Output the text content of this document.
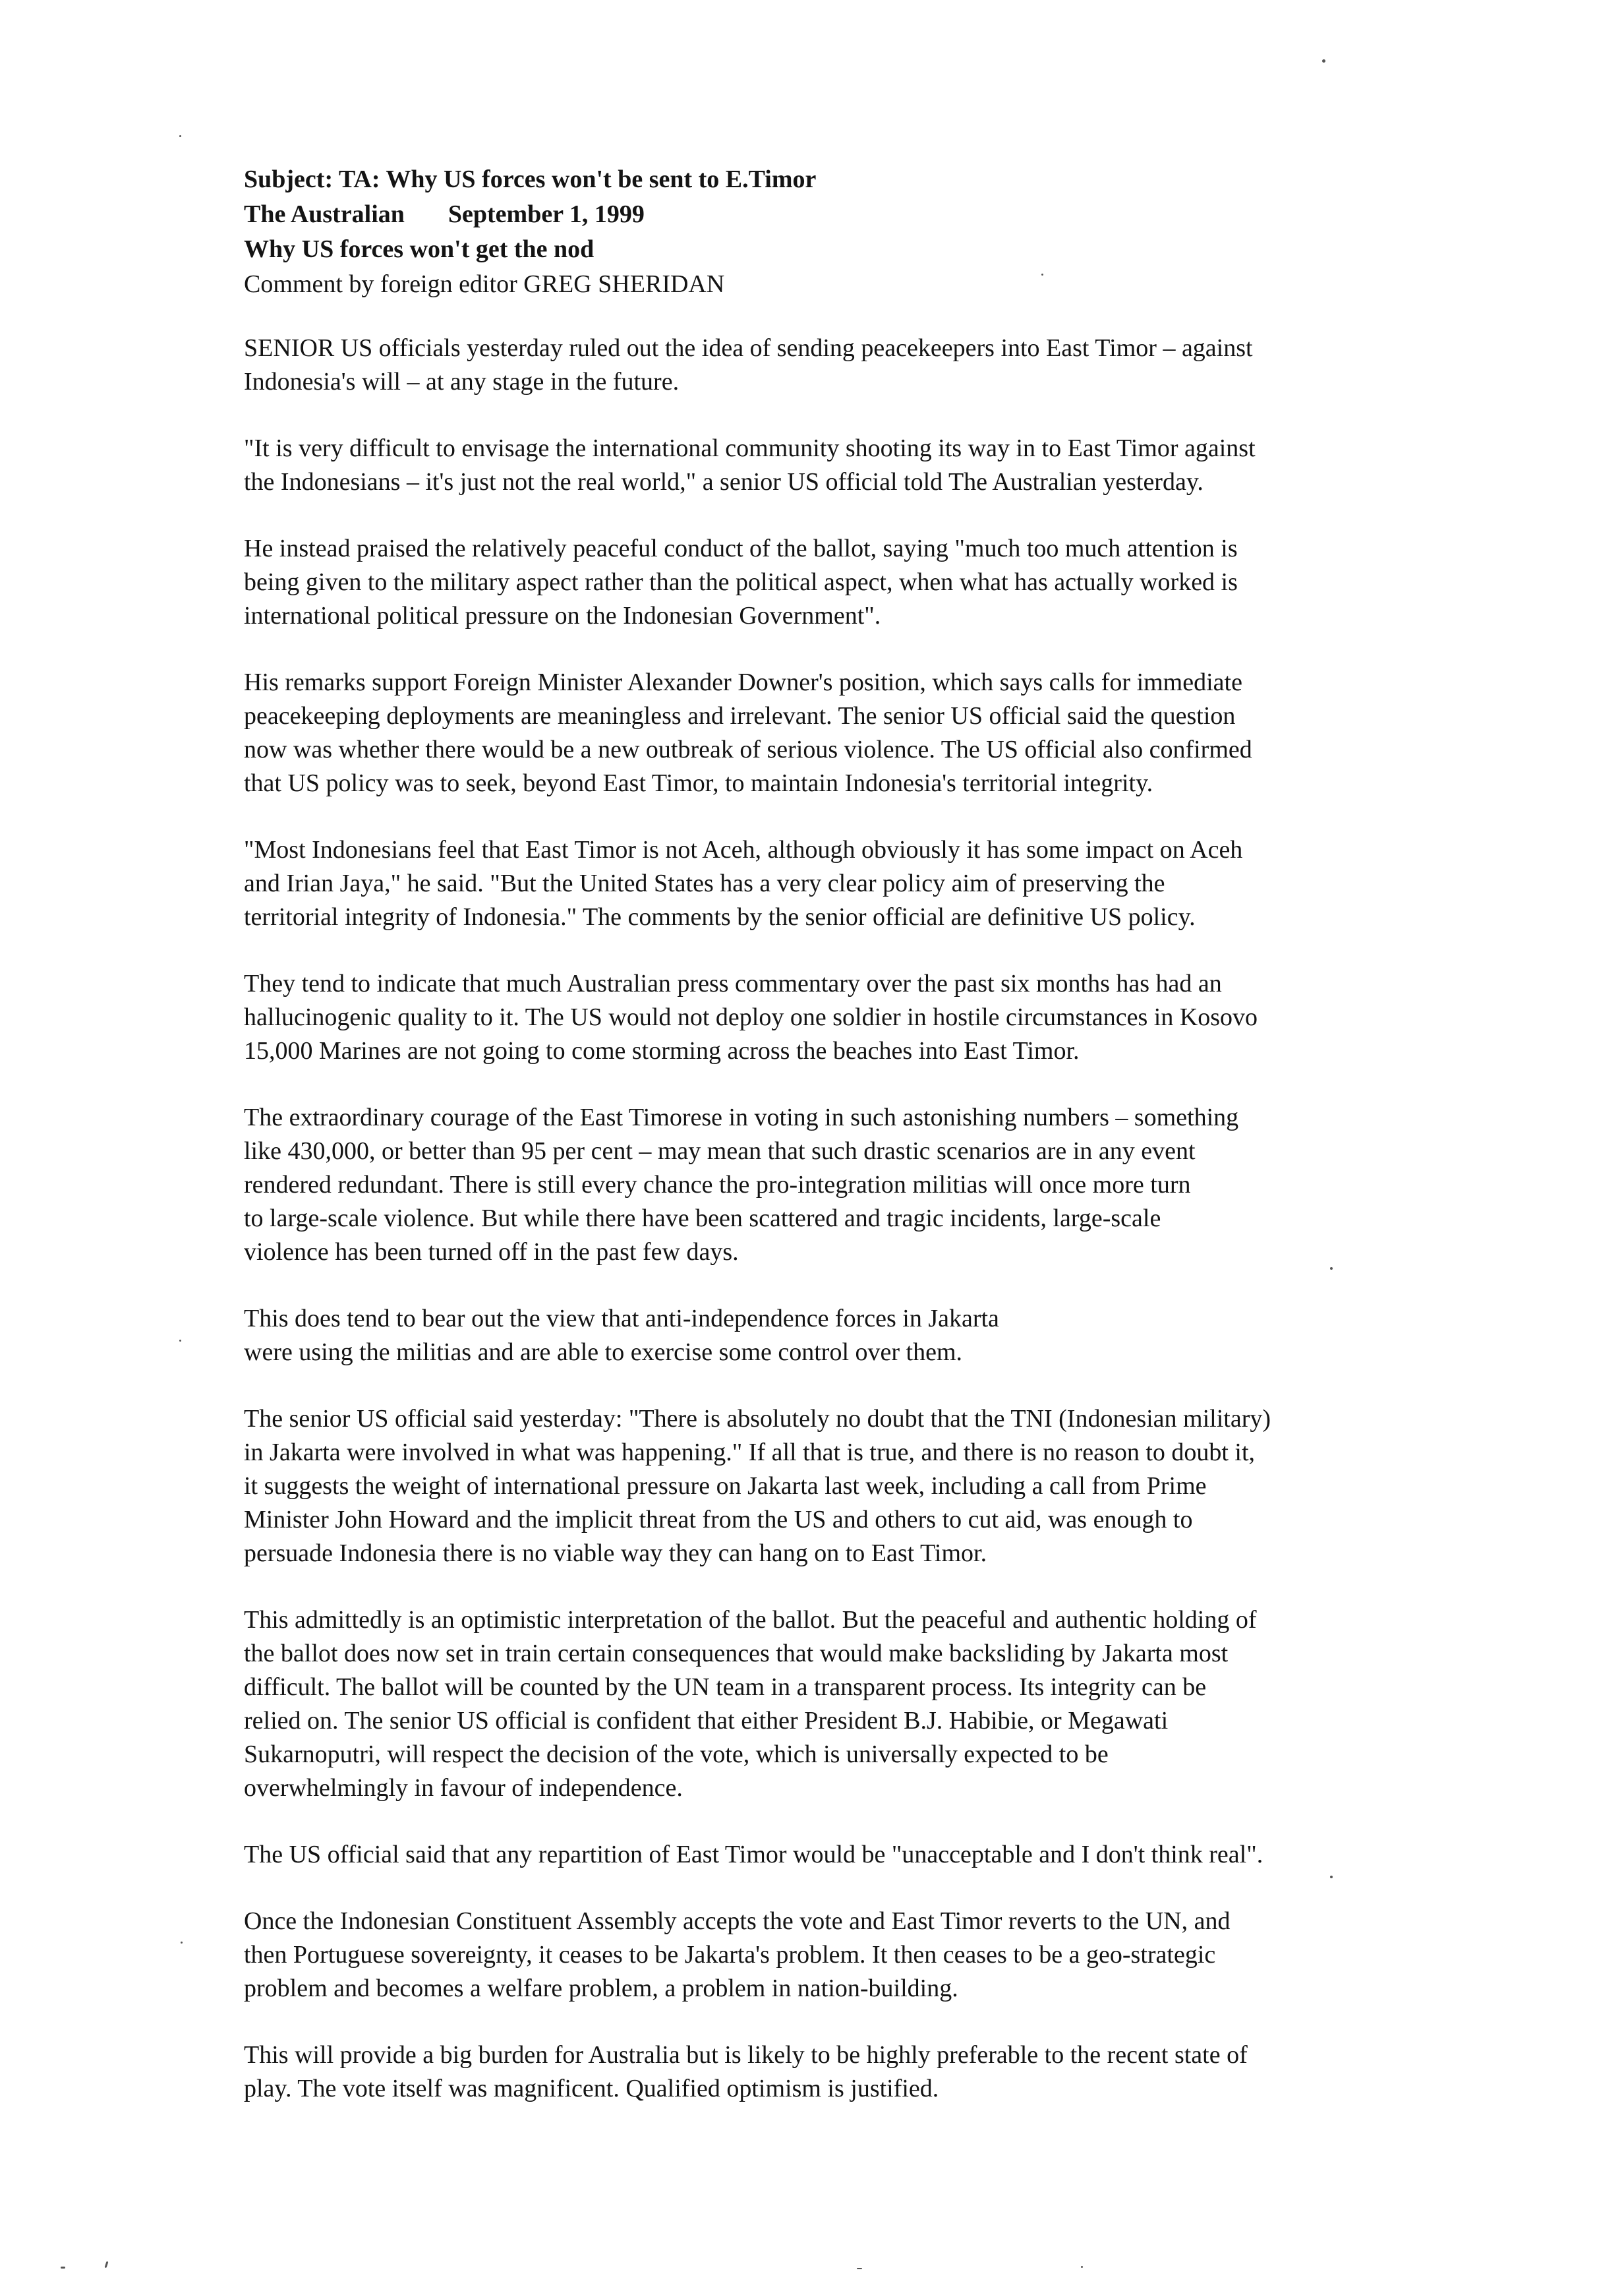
Subject: TA: Why US forces won't be sent to E.Timor

The Australian September 1, 1999

Why US forces won't get the nod

Comment by foreign editor GREG SHERIDAN

SENIOR US officials yesterday ruled out the idea of sending peacekeepers into East Timor – against
Indonesia's will – at any stage in the future.

"It is very difficult to envisage the international community shooting its way in to East Timor against
the Indonesians – it's just not the real world," a senior US official told The Australian yesterday.

He instead praised the relatively peaceful conduct of the ballot, saying "much too much attention is
being given to the military aspect rather than the political aspect, when what has actually worked is
international political pressure on the Indonesian Government".

His remarks support Foreign Minister Alexander Downer's position, which says calls for immediate
peacekeeping deployments are meaningless and irrelevant. The senior US official said the question
now was whether there would be a new outbreak of serious violence. The US official also confirmed
that US policy was to seek, beyond East Timor, to maintain Indonesia's territorial integrity.

"Most Indonesians feel that East Timor is not Aceh, although obviously it has some impact on Aceh
and Irian Jaya," he said. "But the United States has a very clear policy aim of preserving the
territorial integrity of Indonesia." The comments by the senior official are definitive US policy.

They tend to indicate that much Australian press commentary over the past six months has had an
hallucinogenic quality to it. The US would not deploy one soldier in hostile circumstances in Kosovo
15,000 Marines are not going to come storming across the beaches into East Timor.

The extraordinary courage of the East Timorese in voting in such astonishing numbers – something
like 430,000, or better than 95 per cent – may mean that such drastic scenarios are in any event
rendered redundant. There is still every chance the pro-integration militias will once more turn
to large-scale violence. But while there have been scattered and tragic incidents, large-scale
violence has been turned off in the past few days.

This does tend to bear out the view that anti-independence forces in Jakarta
were using the militias and are able to exercise some control over them.

The senior US official said yesterday: "There is absolutely no doubt that the TNI (Indonesian military)
in Jakarta were involved in what was happening." If all that is true, and there is no reason to doubt it,
it suggests the weight of international pressure on Jakarta last week, including a call from Prime
Minister John Howard and the implicit threat from the US and others to cut aid, was enough to
persuade Indonesia there is no viable way they can hang on to East Timor.

This admittedly is an optimistic interpretation of the ballot. But the peaceful and authentic holding of
the ballot does now set in train certain consequences that would make backsliding by Jakarta most
difficult. The ballot will be counted by the UN team in a transparent process. Its integrity can be
relied on. The senior US official is confident that either President B.J. Habibie, or Megawati
Sukarnoputri, will respect the decision of the vote, which is universally expected to be
overwhelmingly in favour of independence.

The US official said that any repartition of East Timor would be "unacceptable and I don't think real".

Once the Indonesian Constituent Assembly accepts the vote and East Timor reverts to the UN, and
then Portuguese sovereignty, it ceases to be Jakarta's problem. It then ceases to be a geo-strategic
problem and becomes a welfare problem, a problem in nation-building.

This will provide a big burden for Australia but is likely to be highly preferable to the recent state of
play. The vote itself was magnificent. Qualified optimism is justified.
